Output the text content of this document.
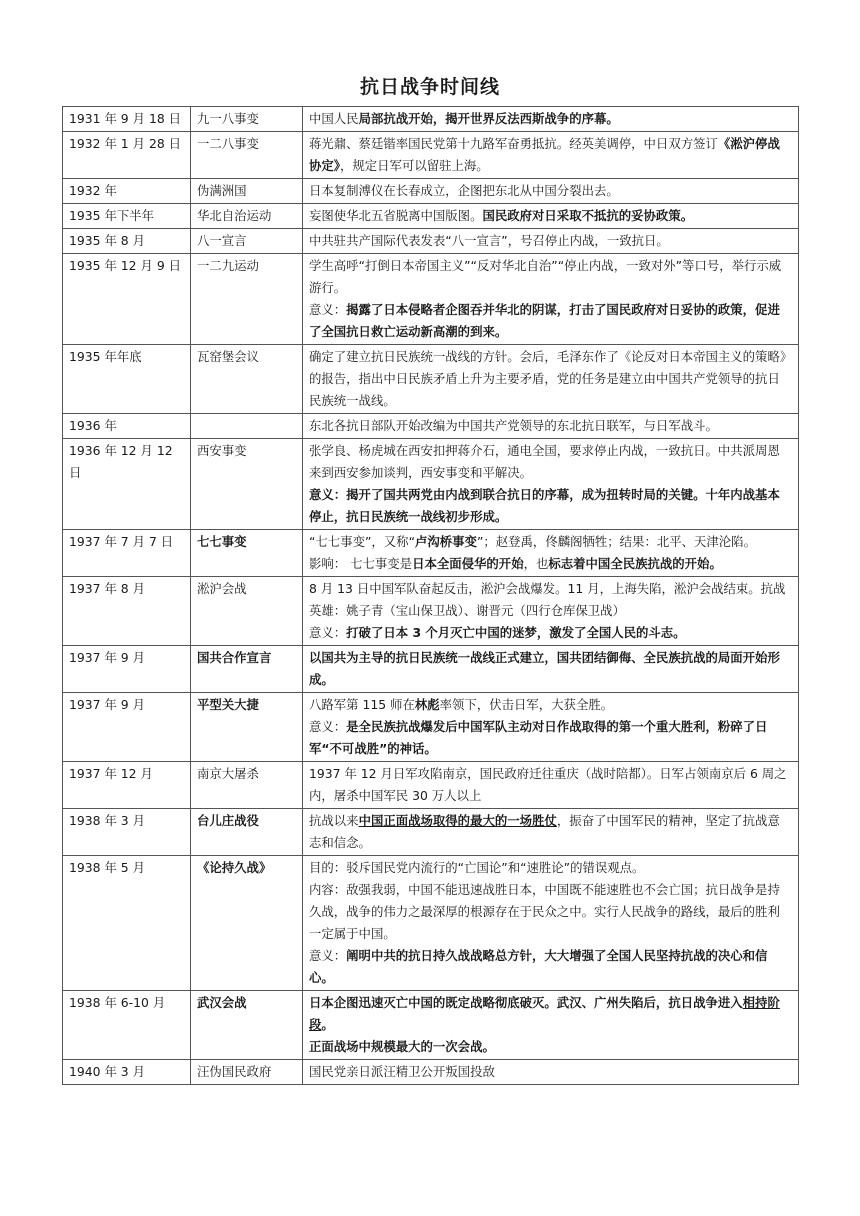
抗日战争时间线
1931 年 9 月 18 日	九一八事变	中国人民局部抗战开始，揭开世界反法西斯战争的序幕。

1932 年 1 月 28 日	一二八事变	蒋光鼐、蔡廷锴率国民党第十九路军奋勇抵抗。经英美调停，中日双方签订《淞沪停战协定》，规定日军可以留驻上海。

1932 年	伪满洲国	日本复制溥仪在长春成立，企图把东北从中国分裂出去。

1935 年下半年	华北自治运动	妄图使华北五省脱离中国版图。国民政府对日采取不抵抗的妥协政策。

1935 年 8 月	八一宣言	中共驻共产国际代表发表“八一宣言”，号召停止内战，一致抗日。

1935 年 12 月 9 日	一二九运动	学生高呼“打倒日本帝国主义”“反对华北自治”“停止内战，一致对外”等口号，举行示威游行。

意义：揭露了日本侵略者企图吞并华北的阴谋，打击了国民政府对日妥协的政策，促进了全国抗日救亡运动新高潮的到来。

1935 年年底	瓦窑堡会议	确定了建立抗日民族统一战线的方针。会后，毛泽东作了《论反对日本帝国主义的策略》的报告，指出中日民族矛盾上升为主要矛盾，党的任务是建立由中国共产党领导的抗日民族统一战线。

1936 年		东北各抗日部队开始改编为中国共产党领导的东北抗日联军，与日军战斗。

1936 年 12 月 12 日	西安事变	张学良、杨虎城在西安扣押蒋介石，通电全国，要求停止内战，一致抗日。中共派周恩来到西安参加谈判，西安事变和平解决。

意义：揭开了国共两党由内战到联合抗日的序幕，成为扭转时局的关键。十年内战基本停止，抗日民族统一战线初步形成。

1937 年 7 月 7 日	七七事变	“七七事变”，又称“卢沟桥事变”；赵登禹，佟麟阁牺牲；结果：北平、天津沦陷。

影响： 七七事变是日本全面侵华的开始，也标志着中国全民族抗战的开始。

1937 年 8 月	淞沪会战	8 月 13 日中国军队奋起反击，淞沪会战爆发。11 月，上海失陷，淞沪会战结束。抗战英雄：姚子青（宝山保卫战）、谢晋元（四行仓库保卫战）

意义：打破了日本 3 个月灭亡中国的迷梦，激发了全国人民的斗志。

1937 年 9 月	国共合作宣言	以国共为主导的抗日民族统一战线正式建立，国共团结御侮、全民族抗战的局面开始形成。

1937 年 9 月	平型关大捷	八路军第 115 师在林彪率领下，伏击日军，大获全胜。

意义：是全民族抗战爆发后中国军队主动对日作战取得的第一个重大胜利，粉碎了日军“不可战胜”的神话。

1937 年 12 月	南京大屠杀	1937 年 12 月日军攻陷南京，国民政府迁往重庆（战时陪都）。日军占领南京后 6 周之内，屠杀中国军民 30 万人以上

1938 年 3 月	台儿庄战役	抗战以来中国正面战场取得的最大的一场胜仗，振奋了中国军民的精神，坚定了抗战意志和信念。

1938 年 5 月	《论持久战》	目的：驳斥国民党内流行的“亡国论”和“速胜论”的错误观点。

内容：敌强我弱，中国不能迅速战胜日本，中国既不能速胜也不会亡国；抗日战争是持久战，战争的伟力之最深厚的根源存在于民众之中。实行人民战争的路线，最后的胜利一定属于中国。

意义：阐明中共的抗日持久战战略总方针，大大增强了全国人民坚持抗战的决心和信心。

1938 年 6-10 月	武汉会战	日本企图迅速灭亡中国的既定战略彻底破灭。武汉、广州失陷后，抗日战争进入相持阶段。

正面战场中规模最大的一次会战。

1940 年 3 月	汪伪国民政府	国民党亲日派汪精卫公开叛国投敌
